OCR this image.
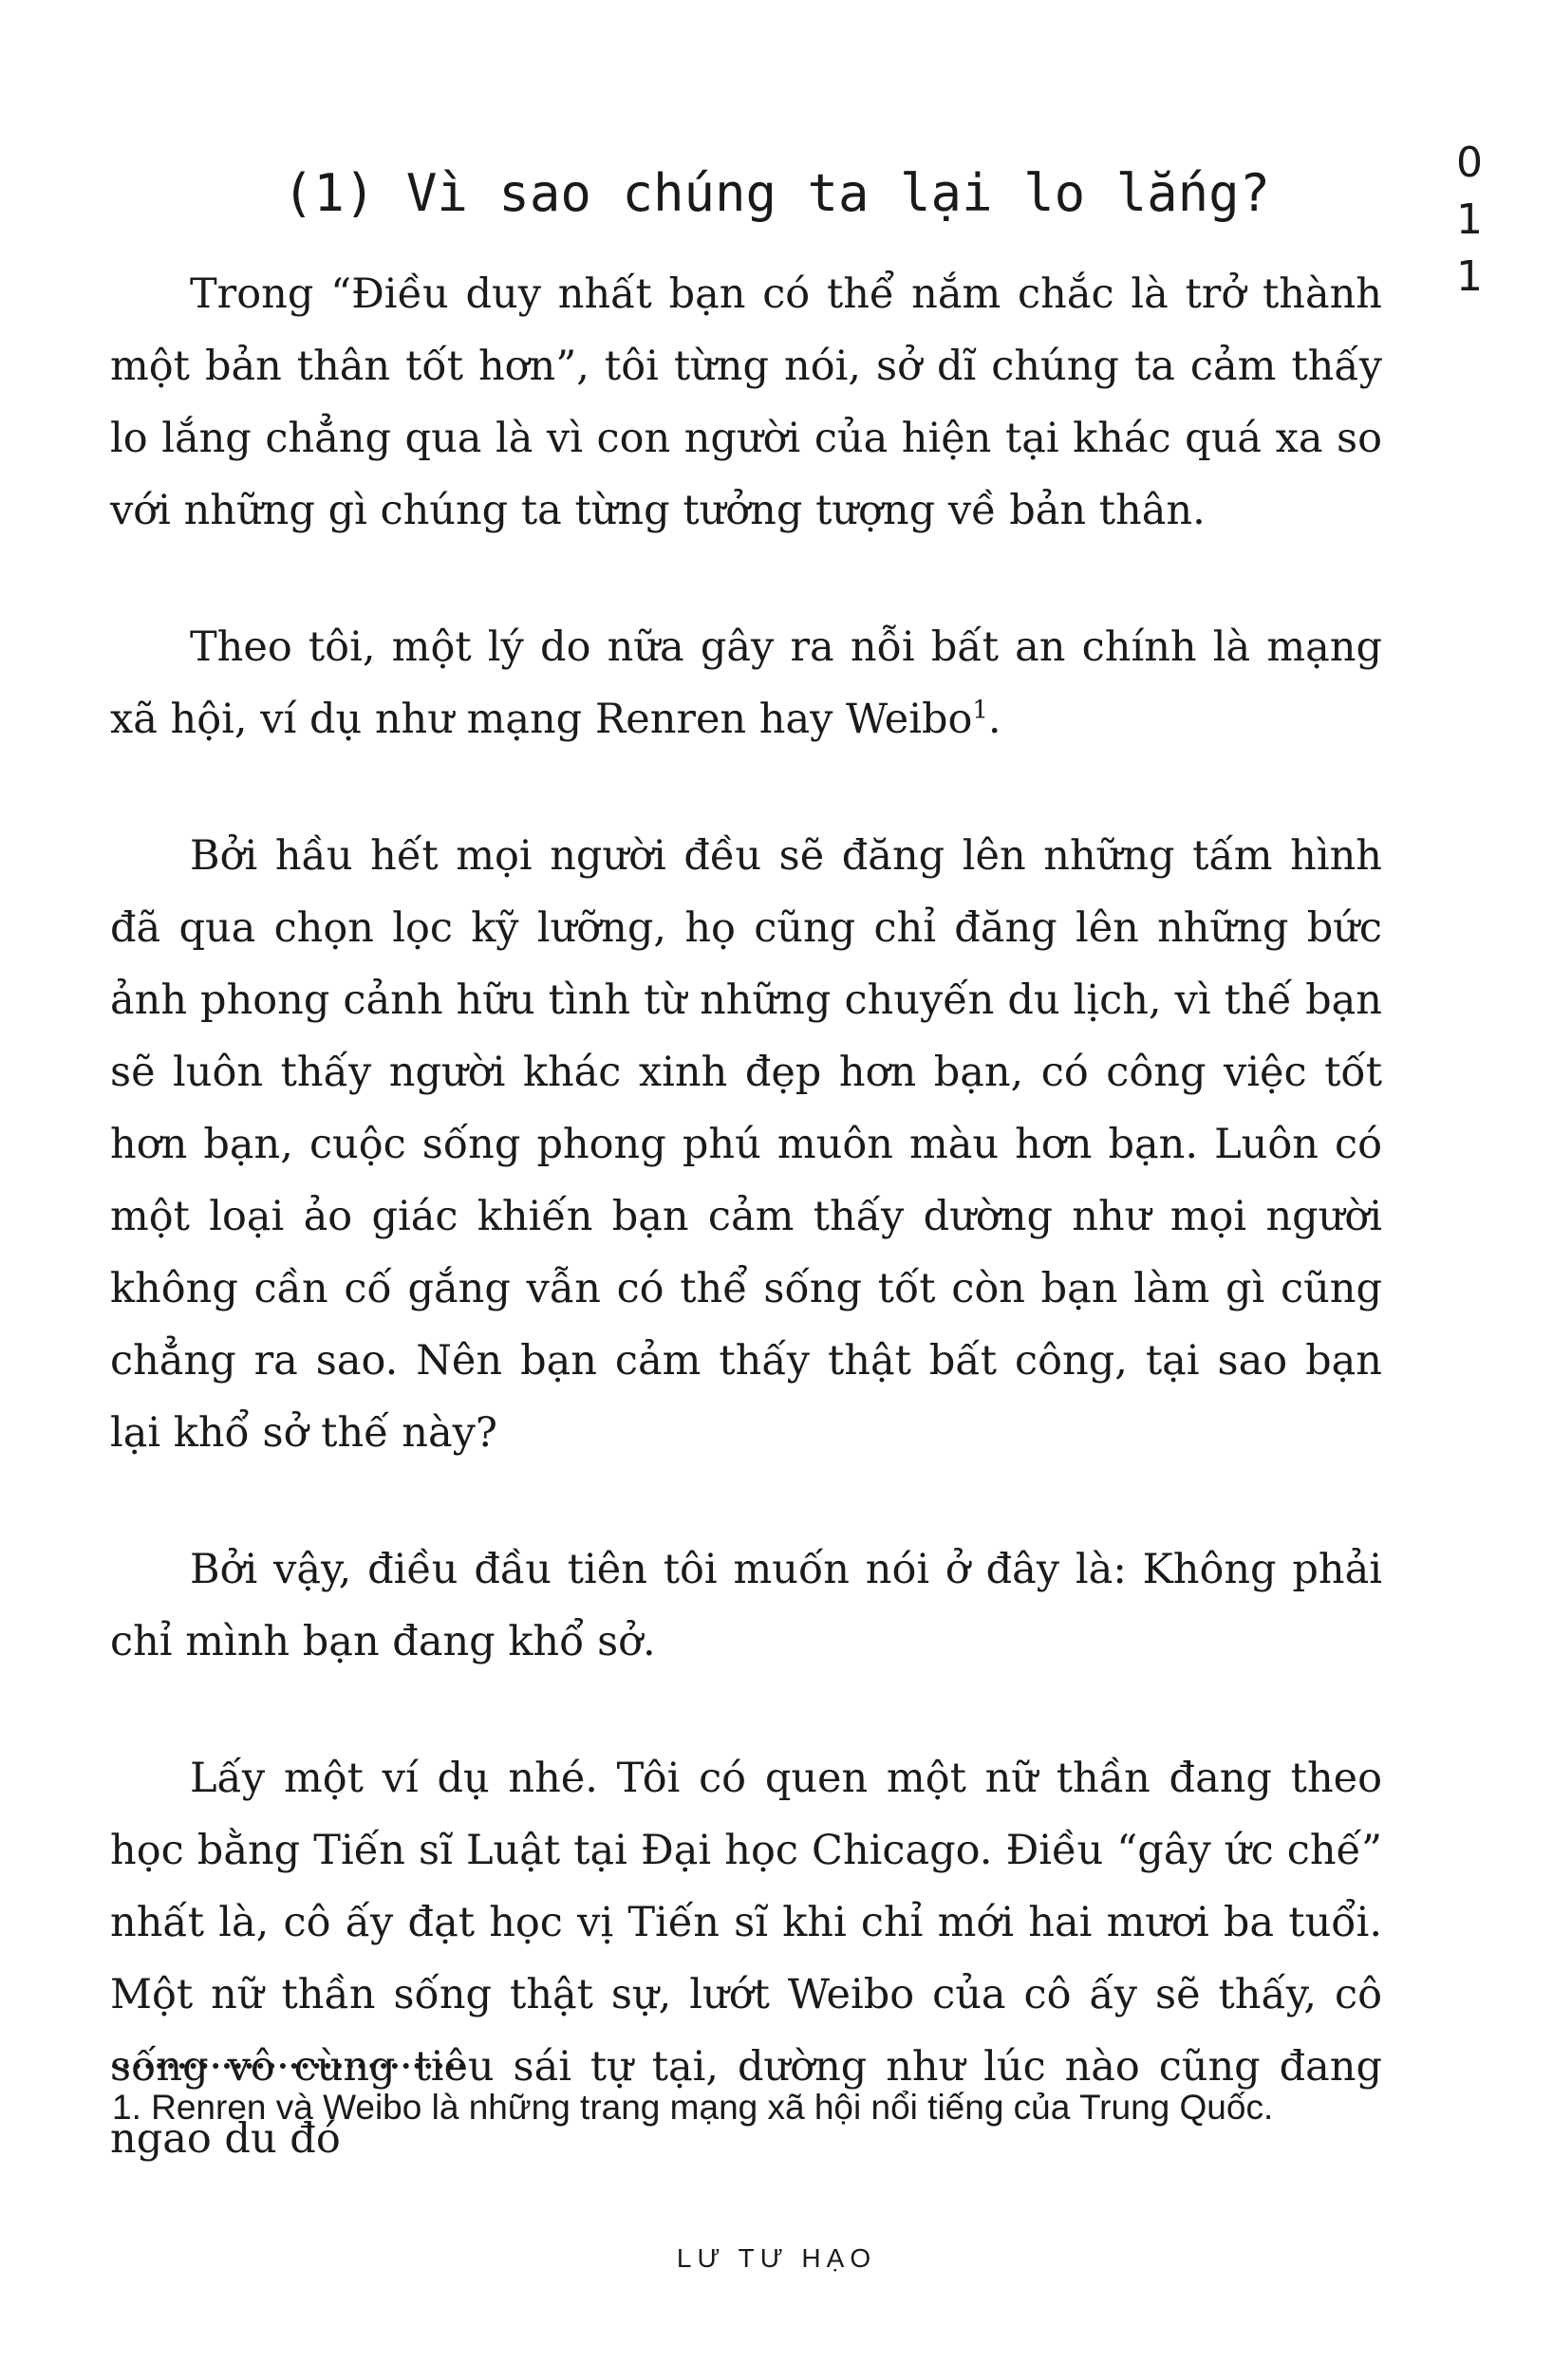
0
1
1
(1) Vì sao chúng ta lại lo lắng?

Trong “Điều duy nhất bạn có thể nắm chắc là trở thành một bản thân tốt hơn”, tôi từng nói, sở dĩ chúng ta cảm thấy lo lắng chẳng qua là vì con người của hiện tại khác quá xa so với những gì chúng ta từng tưởng tượng về bản thân.

Theo tôi, một lý do nữa gây ra nỗi bất an chính là mạng xã hội, ví dụ như mạng Renren hay Weibo$^1$.

Bởi hầu hết mọi người đều sẽ đăng lên những tấm hình đã qua chọn lọc kỹ lưỡng, họ cũng chỉ đăng lên những bức ảnh phong cảnh hữu tình từ những chuyến du lịch, vì thế bạn sẽ luôn thấy người khác xinh đẹp hơn bạn, có công việc tốt hơn bạn, cuộc sống phong phú muôn màu hơn bạn. Luôn có một loại ảo giác khiến bạn cảm thấy dường như mọi người không cần cố gắng vẫn có thể sống tốt còn bạn làm gì cũng chẳng ra sao. Nên bạn cảm thấy thật bất công, tại sao bạn lại khổ sở thế này?

Bởi vậy, điều đầu tiên tôi muốn nói ở đây là: Không phải chỉ mình bạn đang khổ sở.

Lấy một ví dụ nhé. Tôi có quen một nữ thần đang theo học bằng Tiến sĩ Luật tại Đại học Chicago. Điều “gây ức chế” nhất là, cô ấy đạt học vị Tiến sĩ khi chỉ mới hai mươi ba tuổi. Một nữ thần sống thật sự, lướt Weibo của cô ấy sẽ thấy, cô sống vô cùng tiêu sái tự tại, dường như lúc nào cũng đang ngao du đó

1. Renren và Weibo là những trang mạng xã hội nổi tiếng của Trung Quốc.
LƯ TƯ HẠO
